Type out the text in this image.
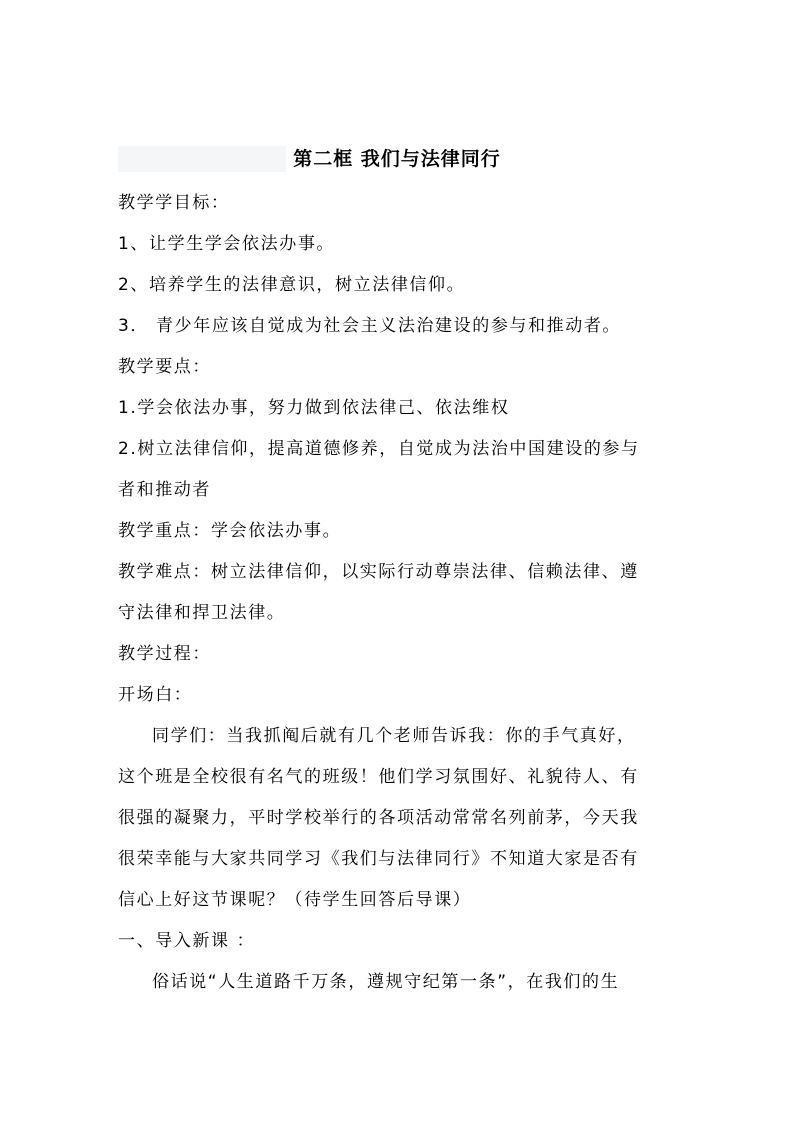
第二框 我们与法律同行
教学学目标：
1、让学生学会依法办事。
2、培养学生的法律意识，树立法律信仰。
3． 青少年应该自觉成为社会主义法治建设的参与和推动者。
教学要点：
1.学会依法办事，努力做到依法律己、依法维权
2.树立法律信仰，提高道德修养，自觉成为法治中国建设的参与
者和推动者
教学重点：学会依法办事。
教学难点：树立法律信仰，以实际行动尊崇法律、信赖法律、遵
守法律和捍卫法律。
教学过程：
开场白：
同学们：当我抓阄后就有几个老师告诉我：你的手气真好，
这个班是全校很有名气的班级！他们学习氛围好、礼貌待人、有
很强的凝聚力，平时学校举行的各项活动常常名列前茅，今天我
很荣幸能与大家共同学习《我们与法律同行》不知道大家是否有
信心上好这节课呢？（待学生回答后导课）
一、导入新课 ：
俗话说“人生道路千万条，遵规守纪第一条”，在我们的生
